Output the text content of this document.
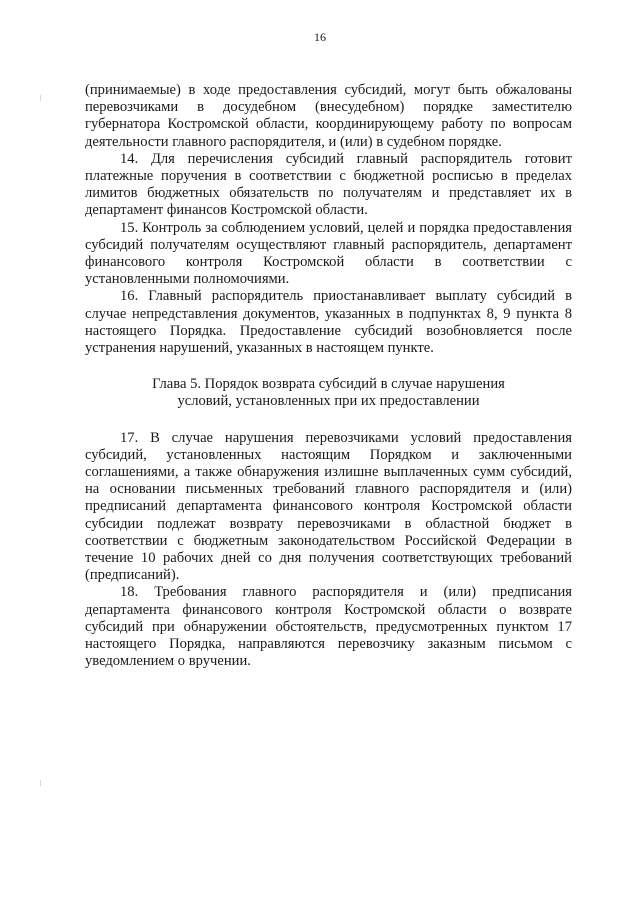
16

(принимаемые) в ходе предоставления субсидий, могут быть обжалованы перевозчиками в досудебном (внесудебном) порядке заместителю губернатора Костромской области, координирующему работу по вопросам деятельности главного распорядителя, и (или) в судебном порядке.

14. Для перечисления субсидий главный распорядитель готовит платежные поручения в соответствии с бюджетной росписью в пределах лимитов бюджетных обязательств по получателям и представляет их в департамент финансов Костромской области.

15. Контроль за соблюдением условий, целей и порядка предоставления субсидий получателям осуществляют главный распорядитель, департамент финансового контроля Костромской области в соответствии с установленными полномочиями.

16. Главный распорядитель приостанавливает выплату субсидий в случае непредставления документов, указанных в подпунктах 8, 9 пункта 8 настоящего Порядка. Предоставление субсидий возобновляется после устранения нарушений, указанных в настоящем пункте.

Глава 5. Порядок возврата субсидий в случае нарушения
условий, установленных при их предоставлении

17. В случае нарушения перевозчиками условий предоставления субсидий, установленных настоящим Порядком и заключенными соглашениями, а также обнаружения излишне выплаченных сумм субсидий, на основании письменных требований главного распорядителя и (или) предписаний департамента финансового контроля Костромской области субсидии подлежат возврату перевозчиками в областной бюджет в соответствии с бюджетным законодательством Российской Федерации в течение 10 рабочих дней со дня получения соответствующих требований (предписаний).

18. Требования главного распорядителя и (или) предписания департамента финансового контроля Костромской области о возврате субсидий при обнаружении обстоятельств, предусмотренных пунктом 17 настоящего Порядка, направляются перевозчику заказным письмом с уведомлением о вручении.
